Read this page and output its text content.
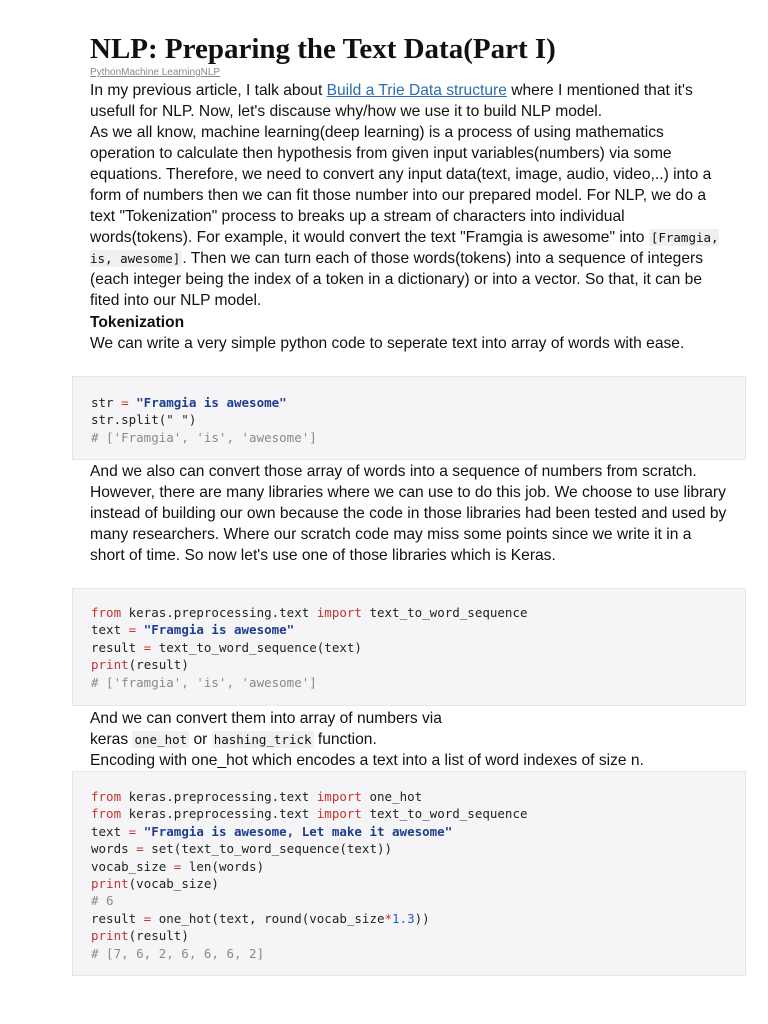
NLP: Preparing the Text Data(Part I)
PythonMachine LearningNLP

In my previous article, I talk about Build a Trie Data structure where I mentioned that it's usefull for NLP. Now, let's discause why/how we use it to build NLP model.

As we all know, machine learning(deep learning) is a process of using mathematics operation to calculate then hypothesis from given input variables(numbers) via some equations. Therefore, we need to convert any input data(text, image, audio, video,..) into a form of numbers then we can fit those number into our prepared model. For NLP, we do a text "Tokenization" process to breaks up a stream of characters into individual words(tokens). For example, it would convert the text "Framgia is awesome" into [Framgia, is, awesome] . Then we can turn each of those words(tokens) into a sequence of integers (each integer being the index of a token in a dictionary) or into a vector. So that, it can be fited into our NLP model.

Tokenization

We can write a very simple python code to seperate text into array of words with ease.

str = "Framgia is awesome"
str.split(" ")
# ['Framgia', 'is', 'awesome']

And we also can convert those array of words into a sequence of numbers from scratch. However, there are many libraries where we can use to do this job. We choose to use library instead of building our own because the code in those libraries had been tested and used by many researchers. Where our scratch code may miss some points since we write it in a short of time. So now let's use one of those libraries which is Keras.

from keras.preprocessing.text import text_to_word_sequence
text = "Framgia is awesome"
result = text_to_word_sequence(text)
print(result)
# ['framgia', 'is', 'awesome']

And we can convert them into array of numbers via
keras one_hot or hashing_trick function.
Encoding with one_hot which encodes a text into a list of word indexes of size n.

from keras.preprocessing.text import one_hot
from keras.preprocessing.text import text_to_word_sequence
text = "Framgia is awesome, Let make it awesome"
words = set(text_to_word_sequence(text))
vocab_size = len(words)
print(vocab_size)
# 6
result = one_hot(text, round(vocab_size*1.3))
print(result)
# [7, 6, 2, 6, 6, 6, 2]
